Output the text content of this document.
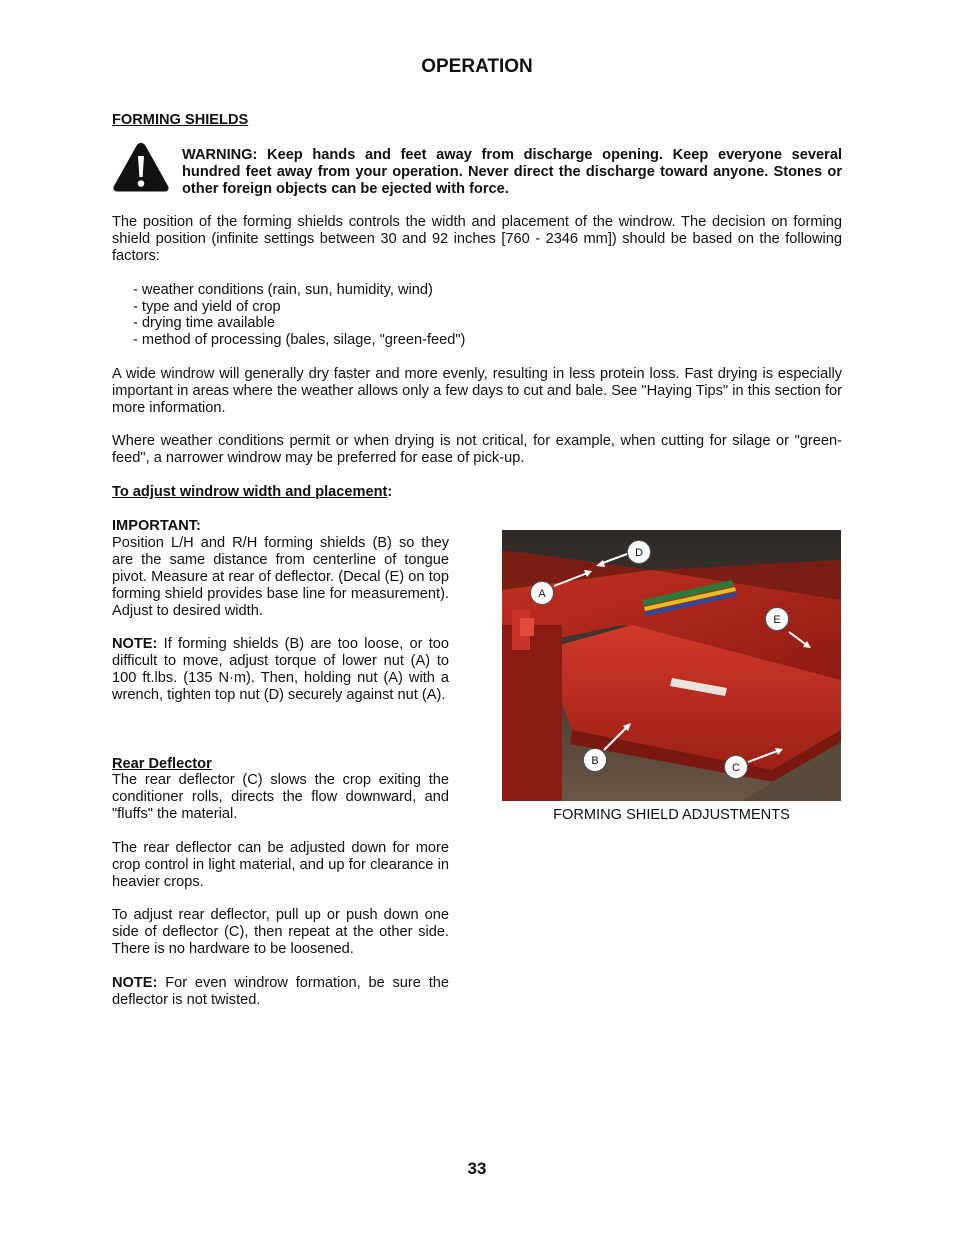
OPERATION
FORMING SHIELDS
WARNING: Keep hands and feet away from discharge opening. Keep everyone several hundred feet away from your operation. Never direct the discharge toward anyone. Stones or other foreign objects can be ejected with force.
The position of the forming shields controls the width and placement of the windrow. The decision on forming shield position (infinite settings between 30 and 92 inches [760 - 2346 mm]) should be based on the following factors:
- weather conditions (rain, sun, humidity, wind)
- type and yield of crop
- drying time available
- method of processing (bales, silage, "green-feed")
A wide windrow will generally dry faster and more evenly, resulting in less protein loss. Fast drying is especially important in areas where the weather allows only a few days to cut and bale. See "Haying Tips" in this section for more information.
Where weather conditions permit or when drying is not critical, for example, when cutting for silage or "green-feed", a narrower windrow may be preferred for ease of pick-up.
To adjust windrow width and placement:
IMPORTANT:
Position L/H and R/H forming shields (B) so they are the same distance from centerline of tongue pivot. Measure at rear of deflector. (Decal (E) on top forming shield provides base line for measurement). Adjust to desired width.
NOTE: If forming shields (B) are too loose, or too difficult to move, adjust torque of lower nut (A) to 100 ft.lbs. (135 N·m). Then, holding nut (A) with a wrench, tighten top nut (D) securely against nut (A).
Rear Deflector
The rear deflector (C) slows the crop exiting the conditioner rolls, directs the flow downward, and "fluffs" the material.
The rear deflector can be adjusted down for more crop control in light material, and up for clearance in heavier crops.
To adjust rear deflector, pull up or push down one side of deflector (C), then repeat at the other side. There is no hardware to be loosened.
NOTE: For even windrow formation, be sure the deflector is not twisted.
D
A
E
B
C
FORMING SHIELD ADJUSTMENTS
33
